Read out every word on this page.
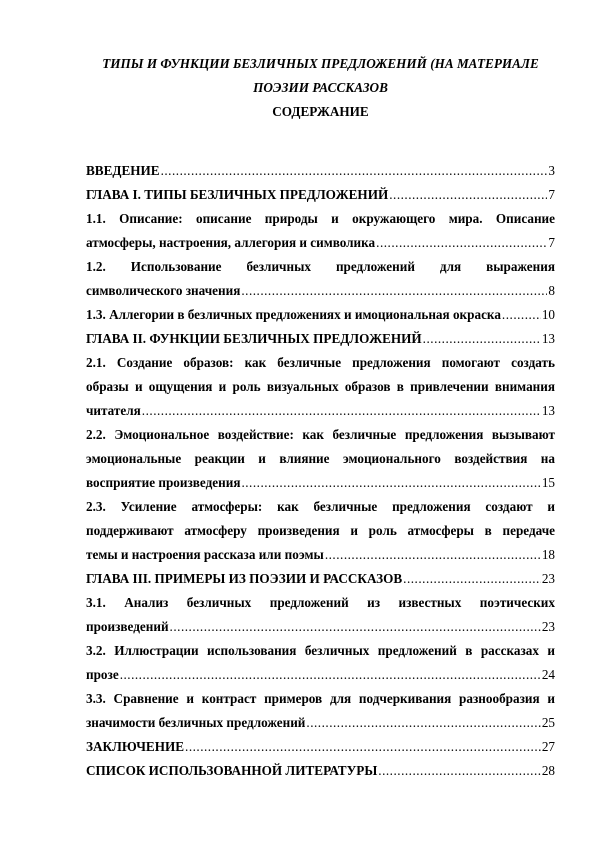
ТИПЫ И ФУНКЦИИ БЕЗЛИЧНЫХ ПРЕДЛОЖЕНИЙ (НА МАТЕРИАЛЕ ПОЭЗИИ РАССКАЗОВ

СОДЕРЖАНИЕ

ВВЕДЕНИЕ .....	3
ГЛАВА I. ТИПЫ БЕЗЛИЧНЫХ ПРЕДЛОЖЕНИЙ .....	7
1.1. Описание: описание природы и окружающего мира. Описание
атмосферы, настроения, аллегория и символика .....	7
1.2. Использование безличных предложений для выражения
символического значения .....	8
1.3. Аллегории в безличных предложениях и имоциональная окраска .....	10
ГЛАВА II. ФУНКЦИИ БЕЗЛИЧНЫХ ПРЕДЛОЖЕНИЙ .....	13
2.1. Создание образов: как безличные предложения помогают создать
образы и ощущения и роль визуальных образов в привлечении внимания
читателя .....	13
2.2. Эмоциональное воздействие: как безличные предложения вызывают
эмоциональные реакции и влияние эмоционального воздействия на
восприятие произведения .....	15
2.3. Усиление атмосферы: как безличные предложения создают и
поддерживают атмосферу произведения и роль атмосферы в передаче
темы и настроения рассказа или поэмы .....	18
ГЛАВА III. ПРИМЕРЫ ИЗ ПОЭЗИИ И РАССКАЗОВ .....	23
3.1. Анализ безличных предложений из известных поэтических
произведений .....	23
3.2. Иллюстрации использования безличных предложений в рассказах и
прозе .....	24
3.3. Сравнение и контраст примеров для подчеркивания разнообразия и
значимости безличных предложений .....	25
ЗАКЛЮЧЕНИЕ .....	27
СПИСОК ИСПОЛЬЗОВАННОЙ ЛИТЕРАТУРЫ .....	28
